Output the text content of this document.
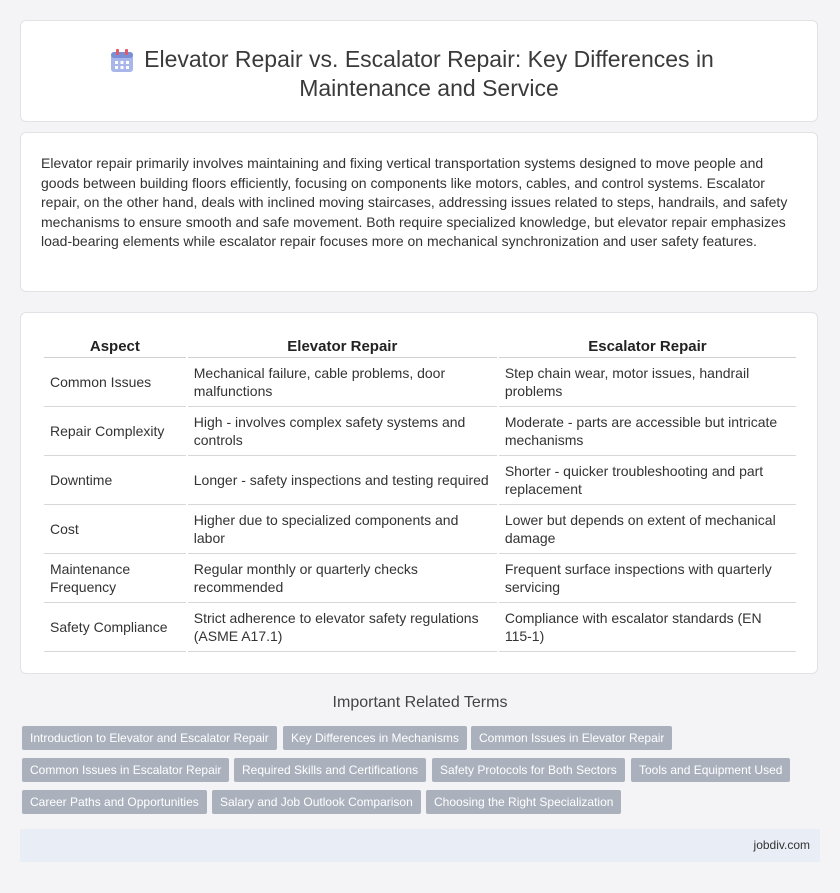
Elevator Repair vs. Escalator Repair: Key Differences in Maintenance and Service

Elevator repair primarily involves maintaining and fixing vertical transportation systems designed to move people and goods between building floors efficiently, focusing on components like motors, cables, and control systems. Escalator repair, on the other hand, deals with inclined moving staircases, addressing issues related to steps, handrails, and safety mechanisms to ensure smooth and safe movement. Both require specialized knowledge, but elevator repair emphasizes load-bearing elements while escalator repair focuses more on mechanical synchronization and user safety features.

Aspect	Elevator Repair	Escalator Repair
Common Issues	Mechanical failure, cable problems, door malfunctions	Step chain wear, motor issues, handrail problems
Repair Complexity	High - involves complex safety systems and controls	Moderate - parts are accessible but intricate mechanisms
Downtime	Longer - safety inspections and testing required	Shorter - quicker troubleshooting and part replacement
Cost	Higher due to specialized components and labor	Lower but depends on extent of mechanical damage
Maintenance Frequency	Regular monthly or quarterly checks recommended	Frequent surface inspections with quarterly servicing
Safety Compliance	Strict adherence to elevator safety regulations (ASME A17.1)	Compliance with escalator standards (EN 115-1)
Important Related Terms
Introduction to Elevator and Escalator Repair	Key Differences in Mechanisms	Common Issues in Elevator Repair
Common Issues in Escalator Repair	Required Skills and Certifications	Safety Protocols for Both Sectors	Tools and Equipment Used
Career Paths and Opportunities	Salary and Job Outlook Comparison	Choosing the Right Specialization
jobdiv.com
